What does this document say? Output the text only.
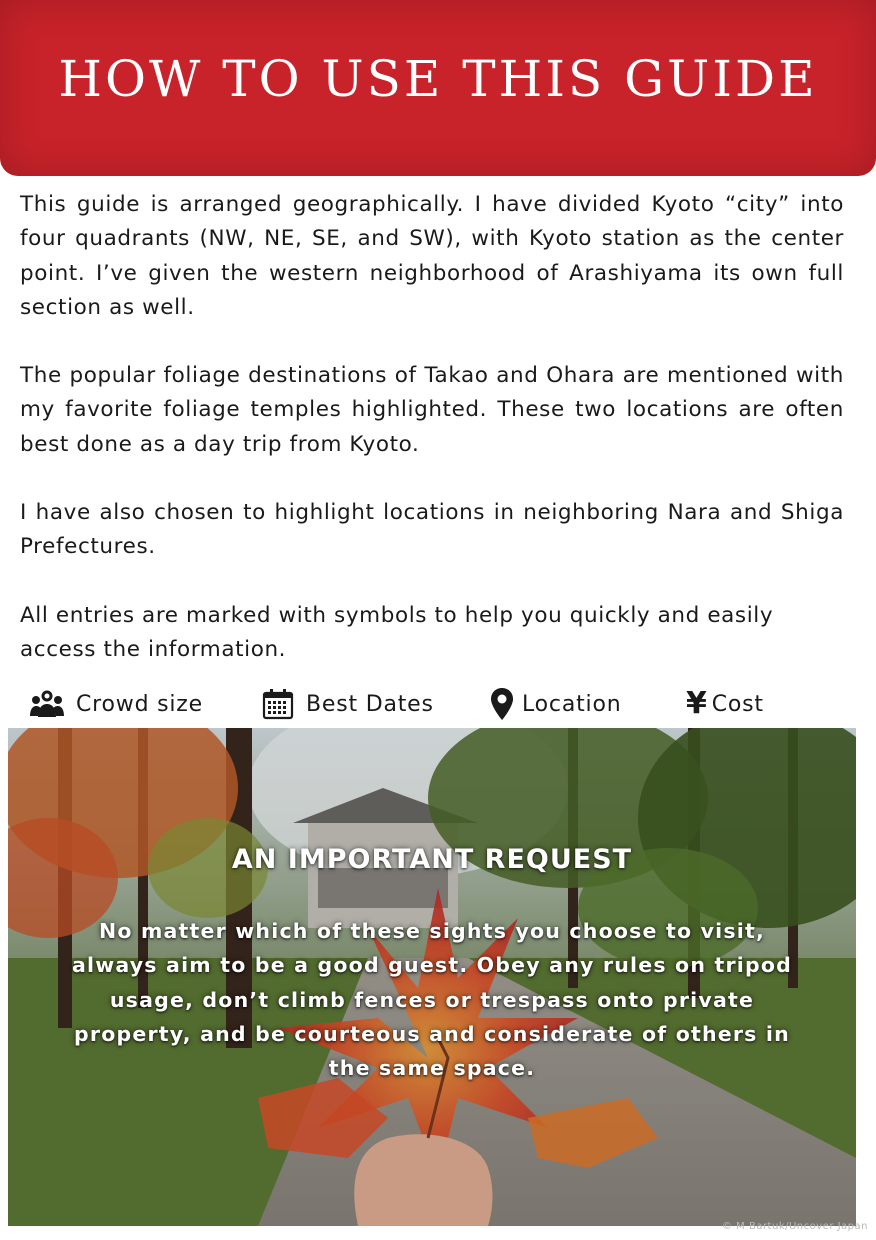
HOW TO USE THIS GUIDE

This guide is arranged geographically. I have divided Kyoto “city” into four quadrants (NW, NE, SE, and SW), with Kyoto station as the center point. I’ve given the western neighborhood of Arashiyama its own full section as well.

The popular foliage destinations of Takao and Ohara are mentioned with my favorite foliage temples highlighted. These two locations are often best done as a day trip from Kyoto.

I have also chosen to highlight locations in neighboring Nara and Shiga Prefectures.

All entries are marked with symbols to help you quickly and easily access the information.

Crowd size	Best Dates	Location ¥ Cost
AN IMPORTANT REQUEST
No matter which of these sights you choose to visit, always aim to be a good guest. Obey any rules on tripod usage, don’t climb fences or trespass onto private property, and be courteous and considerate of others in the same space.
© M Bartuk/Uncover Japan
